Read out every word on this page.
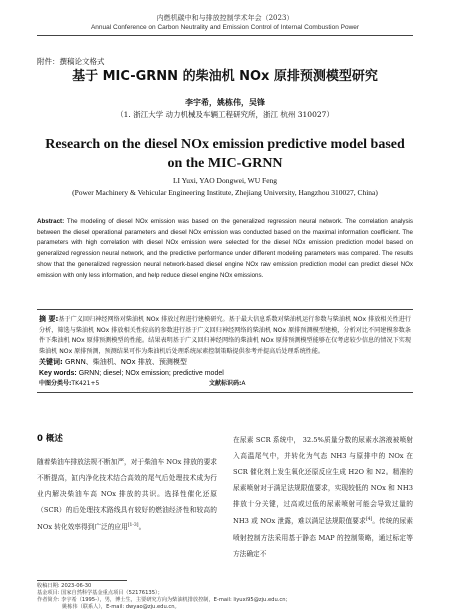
内燃机碳中和与排放控制学术年会（2023）
Annual Conference on Carbon Neutrality and Emission Control of Internal Combustion Power
附件：撰稿论文格式
基于 MIC-GRNN 的柴油机 NOx 原排预测模型研究
李宇希，姚栋伟，吴锋
（1. 浙江大学 动力机械及车辆工程研究所，浙江 杭州 310027）
Research on the diesel NOx emission predictive model based on the MIC-GRNN
LI Yuxi, YAO Dongwei, WU Feng
(Power Machinery & Vehicular Engineering Institute, Zhejiang University, Hangzhou 310027, China)
Abstract: The modeling of diesel NOx emission was based on the generalized regression neural network. The correlation analysis between the diesel operational parameters and diesel NOx emission was conducted based on the maximal information coefficient. The parameters with high correlation with diesel NOx emission were selected for the diesel NOx emission prediction model based on generalized regression neural network, and the predictive performance under different modeling parameters was compared. The results show that the generalized regression neural network-based diesel engine NOx raw emission prediction model can predict diesel NOx emission with only less information, and help reduce diesel engine NOx emissions.
摘 要:基于广义回归神经网络对柴油机 NOx 排放过程进行建模研究。基于最大信息系数对柴油机运行参数与柴油机 NOx 排放相关性进行分析，筛选与柴油机 NOx 排放相关性较高的参数进行基于广义回归神经网络的柴油机 NOx 原排预测模型建模，分析对比不同建模参数条件下柴油机 NOx 原排预测模型的性能。结果表明基于广义回归神经网络的柴油机 NOx 原排预测模型能够在仅考虑较少信息的情况下实现柴油机 NOx 原排预测，预测结果可作为柴油机后处理系统尿素控制策略提供参考并提高后处理系统性能。
关键词: GRNN、柴油机、NOx 排放、预测模型
Key words: GRNN; diesel; NOx emission; predictive model
中图分类号:TK421+5	文献标识码:A
0 概述
随着柴油车排放法规不断加严，对于柴油车 NOx 排放的要求不断提高，缸内净化技术结合高效的尾气后处理技术成为行业内解决柴油车高 NOx 排放的共识。选择性催化还原（SCR）的后处理技术路线具有较好的燃油经济性和较高的 NOx 转化效率得到广泛的应用[1-3]。
在尿素 SCR 系统中， 32.5%质量分数的尿素水溶液被喷射入高温尾气中，并转化为气态 NH3 与原排中的 NOx 在 SCR 催化剂上发生氧化还原反应生成 H2O 和 N2。精准的尿素喷射对于满足法规限值要求，实现较低的 NOx 和 NH3 排放十分关键，过高或过低的尿素喷射可能会导致过量的 NH3 或 NOx 泄露，难以满足法规限值要求[4]。传统的尿素喷射控制方法采用基于静态 MAP 的控制策略，通过标定等方法确定不
收稿日期: 2023-06-30
基金项目: 国家自然科学基金重点项目（52176135）；
作者简介: 李宇希（1995-），男，博士生，主要研究方向为柴油机排放控制，E-mail: liyuxi95@zju.edu.cn；
姚栋伟（联系人），E-mail: dwyao@zju.edu.cn。
